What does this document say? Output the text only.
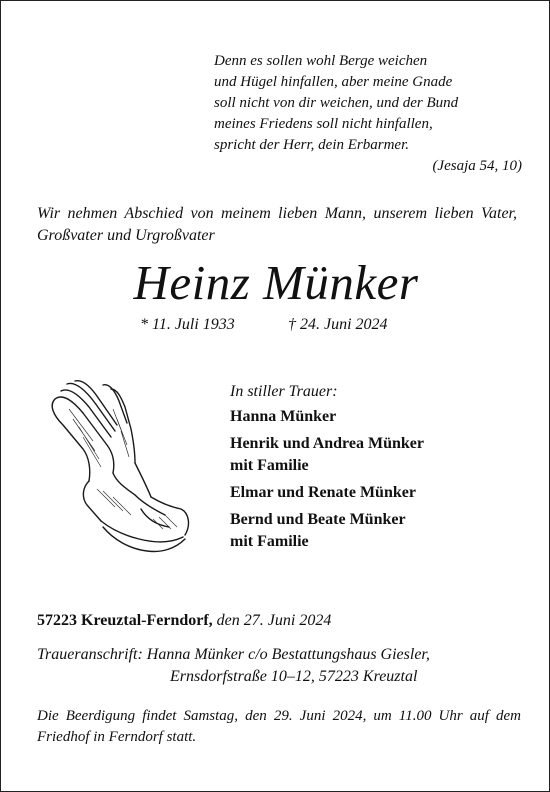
Denn es sollen wohl Berge weichen
und Hügel hinfallen, aber meine Gnade
soll nicht von dir weichen, und der Bund
meines Friedens soll nicht hinfallen,
spricht der Herr, dein Erbarmer.
(Jesaja 54, 10)
Wir nehmen Abschied von meinem lieben Mann, unserem lieben Vater, Großvater und Urgroßvater
Heinz Münker
* 11. Juli 1933	† 24. Juni 2024
In stiller Trauer:
Hanna Münker
Henrik und Andrea Münker
mit Familie
Elmar und Renate Münker
Bernd und Beate Münker
mit Familie
57223 Kreuztal-Ferndorf, den 27. Juni 2024
Traueranschrift: Hanna Münker c/o Bestattungshaus Giesler,
Ernsdorfstraße 10–12, 57223 Kreuztal
Die Beerdigung findet Samstag, den 29. Juni 2024, um 11.00 Uhr auf dem Friedhof in Ferndorf statt.
